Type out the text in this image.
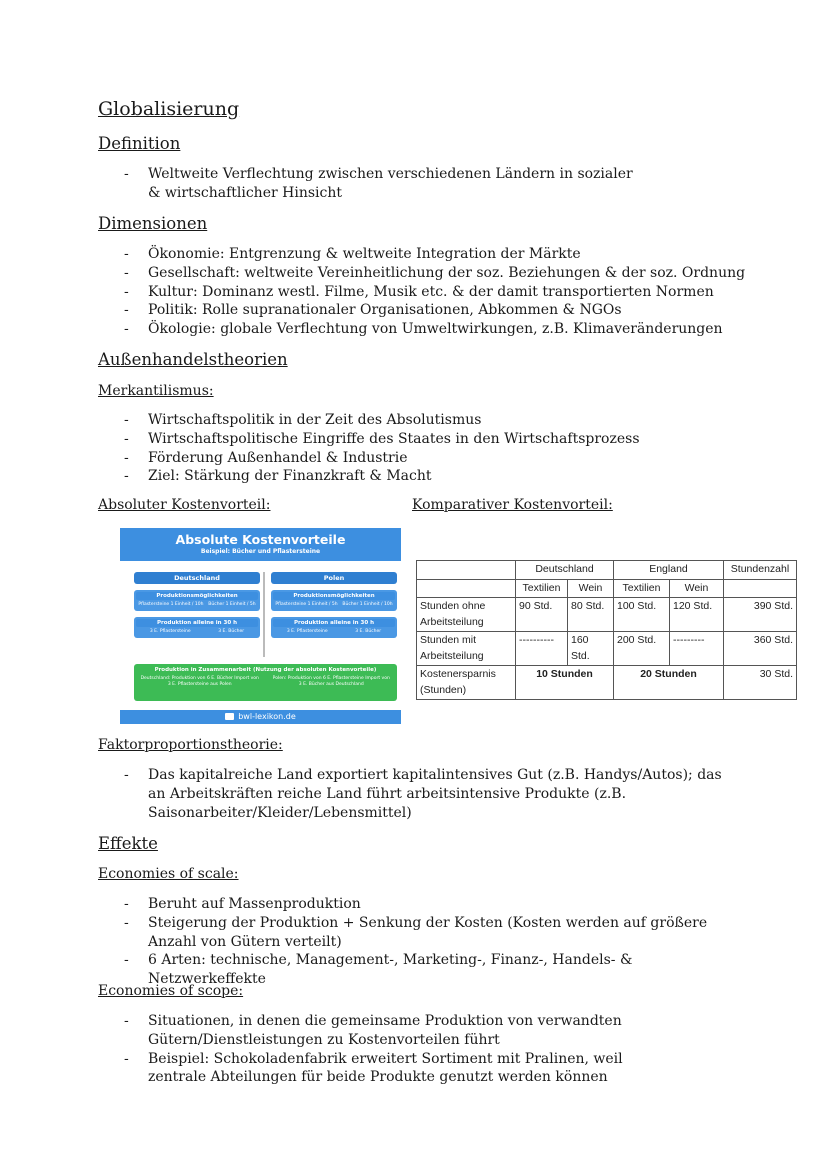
Globalisierung
Definition
- Weltweite Verflechtung zwischen verschiedenen Ländern in sozialer & wirtschaftlicher Hinsicht
Dimensionen
- Ökonomie: Entgrenzung & weltweite Integration der Märkte
- Gesellschaft: weltweite Vereinheitlichung der soz. Beziehungen & der soz. Ordnung
- Kultur: Dominanz westl. Filme, Musik etc. & der damit transportierten Normen
- Politik: Rolle supranationaler Organisationen, Abkommen & NGOs
- Ökologie: globale Verflechtung von Umweltwirkungen, z.B. Klimaveränderungen
Außenhandelstheorien
Merkantilismus:
- Wirtschaftspolitik in der Zeit des Absolutismus
- Wirtschaftspolitische Eingriffe des Staates in den Wirtschaftsprozess
- Förderung Außenhandel & Industrie
- Ziel: Stärkung der Finanzkraft & Macht
Absoluter Kostenvorteil:	Komparativer Kostenvorteil:
Absolute Kostenvorteile
Beispiel: Bücher und Pflastersteine
Deutschland
Produktionsmöglichkeiten
Pflastersteine 1 Einheit / 10h Bücher 1 Einheit / 5h
Produktion alleine in 30 h
3 E. Pflastersteine	3 E. Bücher
Polen
Produktionsmöglichkeiten
Pflastersteine 1 Einheit / 5h Bücher 1 Einheit / 10h
Produktion alleine in 30 h
3 E. Pflastersteine	3 E. Bücher
Produktion in Zusammenarbeit (Nutzung der absoluten Kostenvorteile)
Deutschland: Produktion von 6 E. Bücher Import von 3 E. Pflastersteine aus Polen
Polen: Produktion von 6 E. Pflastersteine Import von 3 E. Bücher aus Deutschland
bwl-lexikon.de
	Deutschland		England		Stundenzahl
	Textilien	Wein	Textilien	Wein	
Stunden ohne Arbeitsteilung	90 Std.	80 Std.	100 Std.	120 Std.	390 Std.
Stunden mit Arbeitsteilung	----------	160 Std.	200 Std.	---------	360 Std.
Kostenersparnis (Stunden)	10 Stunden		20 Stunden		30 Std.
Faktorproportionstheorie:
- Das kapitalreiche Land exportiert kapitalintensives Gut (z.B. Handys/Autos); das an Arbeitskräften reiche Land führt arbeitsintensive Produkte (z.B. Saisonarbeiter/Kleider/Lebensmittel)
Effekte
Economies of scale:
- Beruht auf Massenproduktion
- Steigerung der Produktion + Senkung der Kosten (Kosten werden auf größere Anzahl von Gütern verteilt)
- 6 Arten: technische, Management-, Marketing-, Finanz-, Handels- & Netzwerkeffekte
Economies of scope:
- Situationen, in denen die gemeinsame Produktion von verwandten Gütern/Dienstleistungen zu Kostenvorteilen führt
- Beispiel: Schokoladenfabrik erweitert Sortiment mit Pralinen, weil zentrale Abteilungen für beide Produkte genutzt werden können
